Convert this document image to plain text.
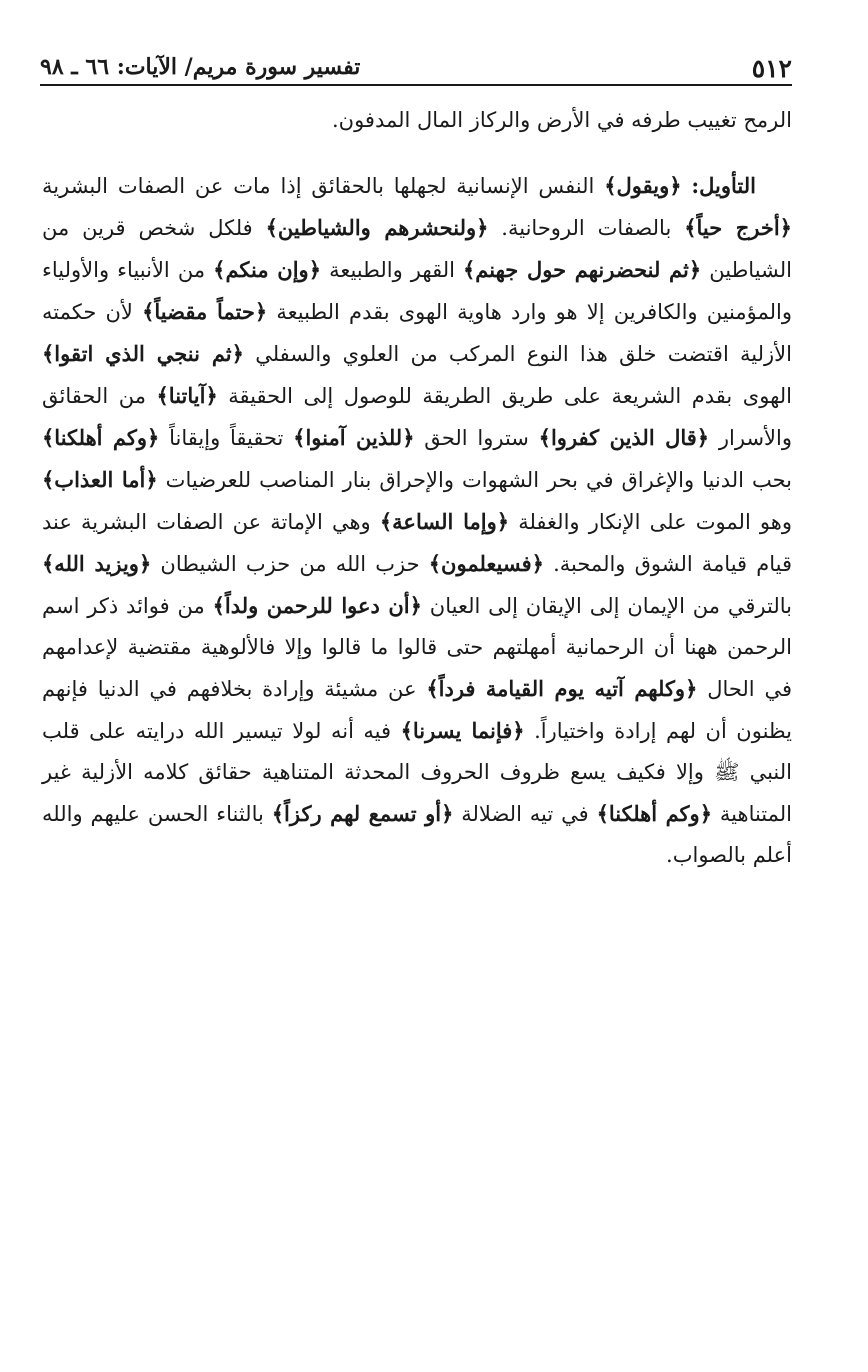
٥١٢
تفسير سورة مريم/ الآيات: ٦٦ ـ ٩٨

الرمح تغييب طرفه في الأرض والركاز المال المدفون.

التأويل: ﴿ويقول﴾ النفس الإنسانية لجهلها بالحقائق إذا مات عن الصفات البشرية ﴿أخرج حياً﴾ بالصفات الروحانية. ﴿ولنحشرهم والشياطين﴾ فلكل شخص قرين من الشياطين ﴿ثم لنحضرنهم حول جهنم﴾ القهر والطبيعة ﴿وإن منكم﴾ من الأنبياء والأولياء والمؤمنين والكافرين إلا هو وارد هاوية الهوى بقدم الطبيعة ﴿حتماً مقضياً﴾ لأن حكمته الأزلية اقتضت خلق هذا النوع المركب من العلوي والسفلي ﴿ثم ننجي الذي اتقوا﴾ الهوى بقدم الشريعة على طريق الطريقة للوصول إلى الحقيقة ﴿آياتنا﴾ من الحقائق والأسرار ﴿قال الذين كفروا﴾ ستروا الحق ﴿للذين آمنوا﴾ تحقيقاً وإيقاناً ﴿وكم أهلكنا﴾ بحب الدنيا والإغراق في بحر الشهوات والإحراق بنار المناصب للعرضيات ﴿أما العذاب﴾ وهو الموت على الإنكار والغفلة ﴿وإما الساعة﴾ وهي الإماتة عن الصفات البشرية عند قيام قيامة الشوق والمحبة. ﴿فسيعلمون﴾ حزب الله من حزب الشيطان ﴿ويزيد الله﴾ بالترقي من الإيمان إلى الإيقان إلى العيان ﴿أن دعوا للرحمن ولداً﴾ من فوائد ذكر اسم الرحمن ههنا أن الرحمانية أمهلتهم حتى قالوا ما قالوا وإلا فالألوهية مقتضية لإعدامهم في الحال ﴿وكلهم آتيه يوم القيامة فرداً﴾ عن مشيئة وإرادة بخلافهم في الدنيا فإنهم يظنون أن لهم إرادة واختياراً. ﴿فإنما يسرنا﴾ فيه أنه لولا تيسير الله درايته على قلب النبي ﷺ وإلا فكيف يسع ظروف الحروف المحدثة المتناهية حقائق كلامه الأزلية غير المتناهية ﴿وكم أهلكنا﴾ في تيه الضلالة ﴿أو تسمع لهم ركزاً﴾ بالثناء الحسن عليهم والله أعلم بالصواب.
